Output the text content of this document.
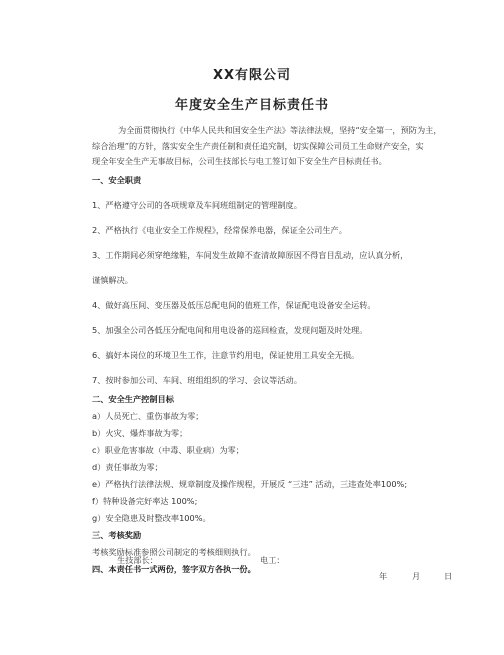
XX有限公司
年度安全生产目标责任书
为全面贯彻执行《中华人民共和国安全生产法》等法律法规，坚持“安全第一，预防为主，
综合治理”的方针，落实安全生产责任制和责任追究制，切实保障公司员工生命财产安全，实
现全年安全生产无事故目标，公司生技部长与电工签订如下安全生产目标责任书。
一、安全职责
1、严格遵守公司的各项规章及车间班组制定的管理制度。
2、严格执行《电业安全工作规程》，经常保养电器，保证全公司生产。
3、工作期间必须穿绝缘鞋，车间发生故障不查清故障原因不得盲目乱动，应认真分析，
谨慎解决。
4、做好高压间、变压器及低压总配电间的值班工作，保证配电设备安全运转。
5、加强全公司各低压分配电间和用电设备的巡回检查，发现问题及时处理。
6、搞好本岗位的环境卫生工作，注意节约用电，保证使用工具安全无损。
7、按时参加公司、车间、班组组织的学习、会议等活动。
二、安全生产控制目标
a）人员死亡、重伤事故为零；
b）火灾、爆炸事故为零；
c）职业危害事故（中毒、职业病）为零；
d）责任事故为零；
e）严格执行法律法规、规章制度及操作规程，开展反 “三违” 活动，三违查处率100%;
f）特种设备完好率达 100%;
g）安全隐患及时整改率100%。
三、考核奖励
考核奖励标准参照公司制定的考核细则执行。
四、本责任书一式两份，签字双方各执一份。
生技部长：	电工：
年	月	日
